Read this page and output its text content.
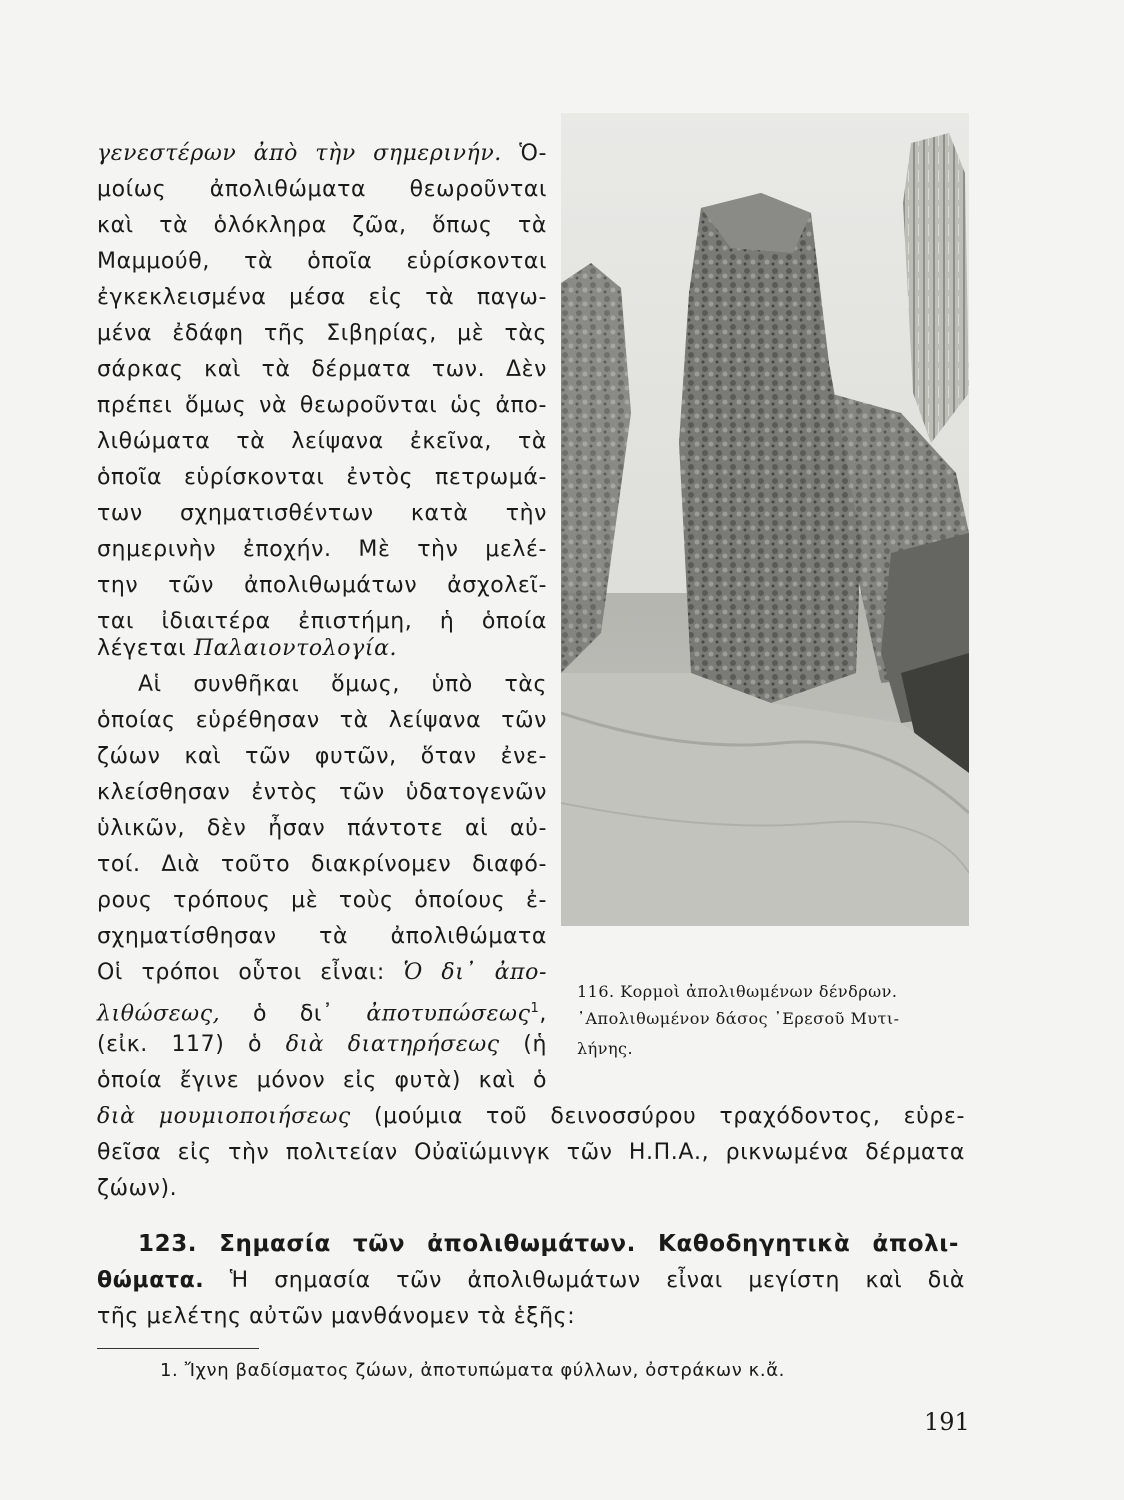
γενεστέρων ἀπὸ τὴν σημερινήν. Ὁ-
μοίως ἀπολιθώματα θεωροῦνται
καὶ τὰ ὁλόκληρα ζῶα, ὅπως τὰ
Μαμμούθ, τὰ ὁποῖα εὑρίσκονται
ἐγκεκλεισμένα μέσα εἰς τὰ παγω-
μένα ἐδάφη τῆς Σιβηρίας, μὲ τὰς
σάρκας καὶ τὰ δέρματα των. Δὲν
πρέπει ὅμως νὰ θεωροῦνται ὡς ἀπο-
λιθώματα τὰ λείψανα ἐκεῖνα, τὰ
ὁποῖα εὑρίσκονται ἐντὸς πετρωμά-
των σχηματισθέντων κατὰ τὴν
σημερινὴν ἐποχήν. Μὲ τὴν μελέ-
την τῶν ἀπολιθωμάτων ἀσχολεῖ-
ται ἰδιαιτέρα ἐπιστήμη, ἡ ὁποία
λέγεται Παλαιοντολογία.
Αἱ συνθῆκαι ὅμως, ὑπὸ τὰς
ὁποίας εὑρέθησαν τὰ λείψανα τῶν
ζώων καὶ τῶν φυτῶν, ὅταν ἐνε-
κλείσθησαν ἐντὸς τῶν ὑδατογενῶν
ὑλικῶν, δὲν ἦσαν πάντοτε αἱ αὐ-
τοί. Διὰ τοῦτο διακρίνομεν διαφό-
ρους τρόπους μὲ τοὺς ὁποίους ἐ-
σχηματίσθησαν τὰ ἀπολιθώματα
Οἱ τρόποι οὗτοι εἶναι: Ὁ δι᾽ ἀπο-
λιθώσεως, ὁ δι᾽ ἀποτυπώσεως$^1$,
(εἰκ. 117) ὁ διὰ διατηρήσεως (ἡ
ὁποία ἔγινε μόνον εἰς φυτὰ) καὶ ὁ
διὰ μουμιοποιήσεως (μούμια τοῦ δεινοσσύρου τραχόδοντος, εὑρε-
θεῖσα εἰς τὴν πολιτείαν Οὐαϊώμινγκ τῶν Η.Π.Α., ρικνωμένα δέρματα
ζώων).
123. Σημασία τῶν ἀπολιθωμάτων. Καθοδηγητικὰ ἀπολι-
θώματα. Ἡ σημασία τῶν ἀπολιθωμάτων εἶναι μεγίστη καὶ διὰ
τῆς μελέτης αὐτῶν μανθάνομεν τὰ ἑξῆς:
116. Κορμοὶ ἀπολιθωμένων δένδρων.
᾽Απολιθωμένον δάσος ᾽Ερεσοῦ Μυτι-
λήνης.
1. Ἴχνη βαδίσματος ζώων, ἀποτυπώματα φύλλων, ὀστράκων κ.ἄ.
191
